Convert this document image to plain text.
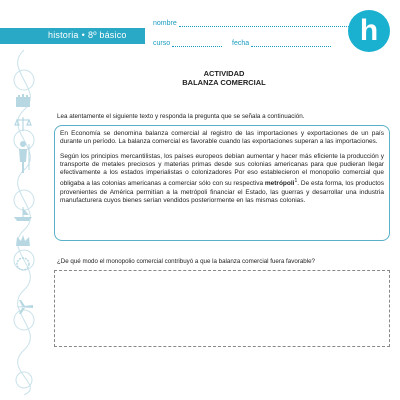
historia • 8º básico
nombre
curso	fecha	h
ACTIVIDAD
BALANZA COMERCIAL
Lea atentamente el siguiente texto y responda la pregunta que se señala a continuación.

En Economía se denomina balanza comercial al registro de las importaciones y exportaciones de un país durante un período. La balanza comercial es favorable cuando las exportaciones superan a las importaciones.

Según los principios mercantilistas, los países europeos debían aumentar y hacer más eficiente la producción y transporte de metales preciosos y materias primas desde sus colonias americanas para que pudieran llegar efectivamente a los estados imperialistas o colonizadores Por eso establecieron el monopolio comercial que obligaba a las colonias americanas a comerciar sólo con su respectiva metrópoli$^1$. De esta forma, los productos provenientes de América permitían a la metrópoli financiar el Estado, las guerras y desarrollar una industria manufacturera cuyos bienes serían vendidos posteriormente en las mismas colonias.

¿De qué modo el monopolio comercial contribuyó a que la balanza comercial fuera favorable?
